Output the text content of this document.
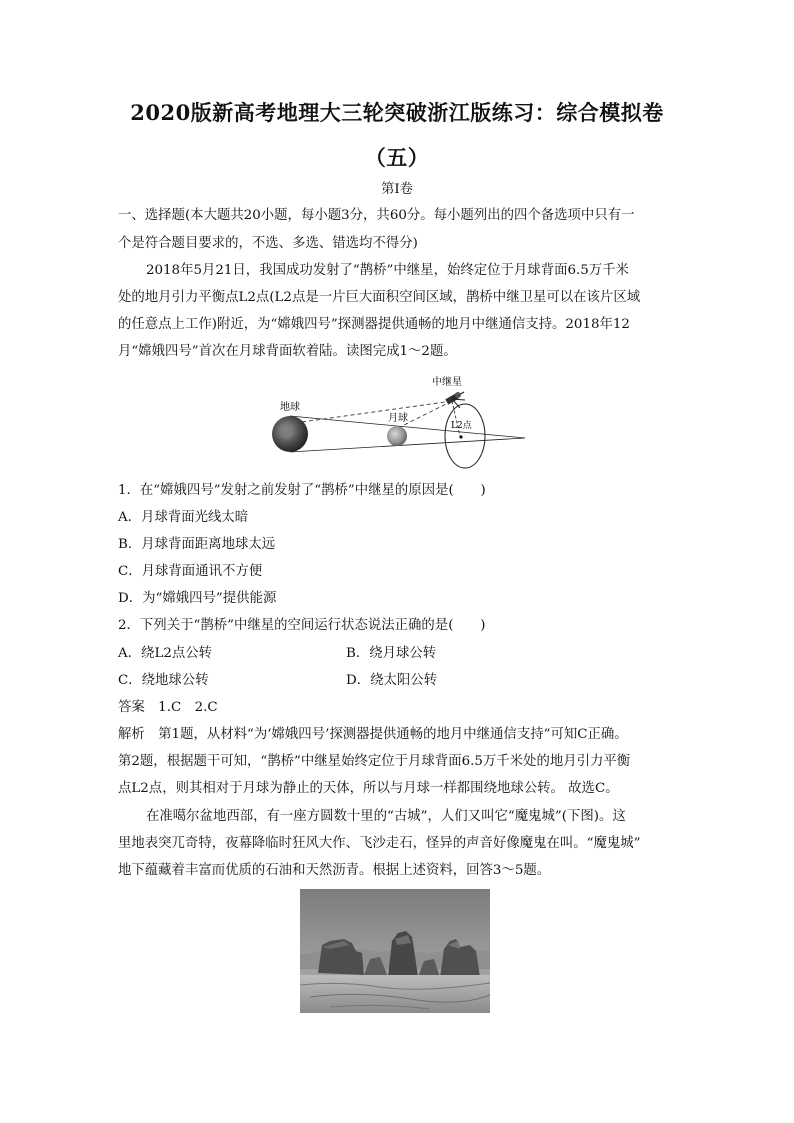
2020版新高考地理大三轮突破浙江版练习：综合模拟卷
（五）
第Ⅰ卷
一、选择题(本大题共20小题，每小题3分，共60分。每小题列出的四个备选项中只有一
个是符合题目要求的，不选、多选、错选均不得分)
2018年5月21日，我国成功发射了“鹊桥”中继星，始终定位于月球背面6.5万千米
处的地月引力平衡点L2点(L2点是一片巨大面积空间区域，鹊桥中继卫星可以在该片区域
的任意点上工作)附近，为“嫦娥四号”探测器提供通畅的地月中继通信支持。2018年12
月“嫦娥四号”首次在月球背面软着陆。读图完成1～2题。
地球
月球
中继星
L2点
1．在“嫦娥四号”发射之前发射了“鹊桥”中继星的原因是(　　)
A．月球背面光线太暗
B．月球背面距离地球太远
C．月球背面通讯不方便
D．为“嫦娥四号”提供能源
2．下列关于“鹊桥”中继星的空间运行状态说法正确的是(　　)
A．绕L2点公转	B．绕月球公转
C．绕地球公转	D．绕太阳公转
答案　1.C　2.C
解析　第1题，从材料“为‘嫦娥四号’探测器提供通畅的地月中继通信支持”可知C正确。
第2题，根据题干可知，“鹊桥”中继星始终定位于月球背面6.5万千米处的地月引力平衡
点L2点，则其相对于月球为静止的天体，所以与月球一样都围绕地球公转。 故选C。
在准噶尔盆地西部，有一座方圆数十里的“古城”，人们又叫它“魔鬼城”(下图)。这
里地表突兀奇特，夜幕降临时狂风大作、飞沙走石，怪异的声音好像魔鬼在叫。“魔鬼城”
地下蕴藏着丰富而优质的石油和天然沥青。根据上述资料，回答3～5题。
